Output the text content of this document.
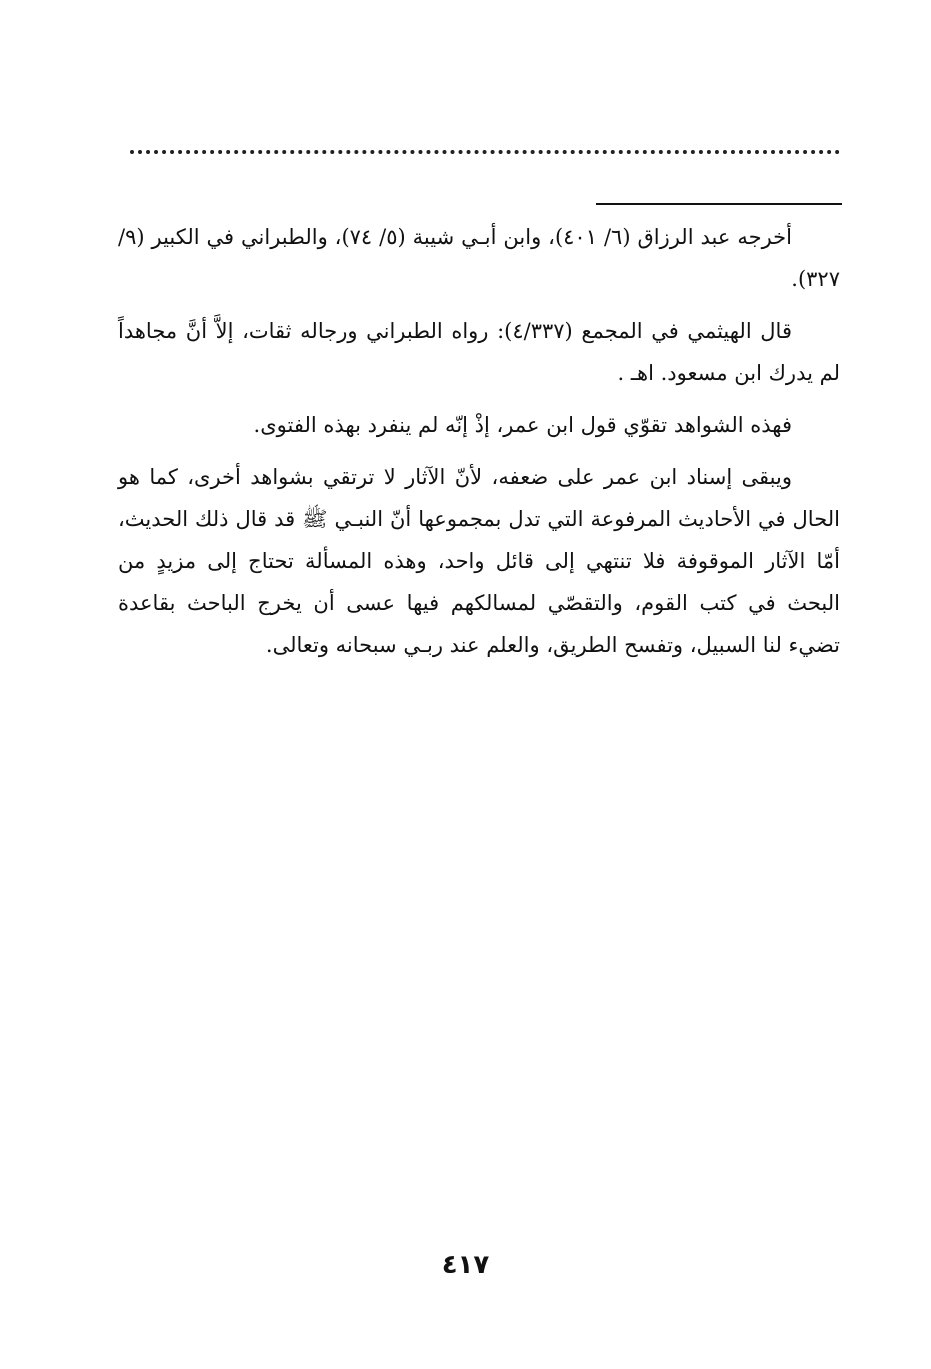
أخرجه عبد الرزاق (٦/ ٤٠١)، وابن أبـي شيبة (٥/ ٧٤)، والطبراني في الكبير (٩/ ٣٢٧).

قال الهيثمي في المجمع (٤/٣٣٧): رواه الطبراني ورجاله ثقات، إلاَّ أنَّ مجاهداً لم يدرك ابن مسعود. اهـ .

فهذه الشواهد تقوّي قول ابن عمر، إذْ إنّه لم ينفرد بهذه الفتوى.

ويبقى إسناد ابن عمر على ضعفه، لأنّ الآثار لا ترتقي بشواهد أخرى، كما هو الحال في الأحاديث المرفوعة التي تدل بمجموعها أنّ النبـي ﷺ قد قال ذلك الحديث، أمّا الآثار الموقوفة فلا تنتهي إلى قائل واحد، وهذه المسألة تحتاج إلى مزيدٍ من البحث في كتب القوم، والتقصّي لمسالكهم فيها عسى أن يخرج الباحث بقاعدة تضيء لنا السبيل، وتفسح الطريق، والعلم عند ربـي سبحانه وتعالى.

٤١٧
